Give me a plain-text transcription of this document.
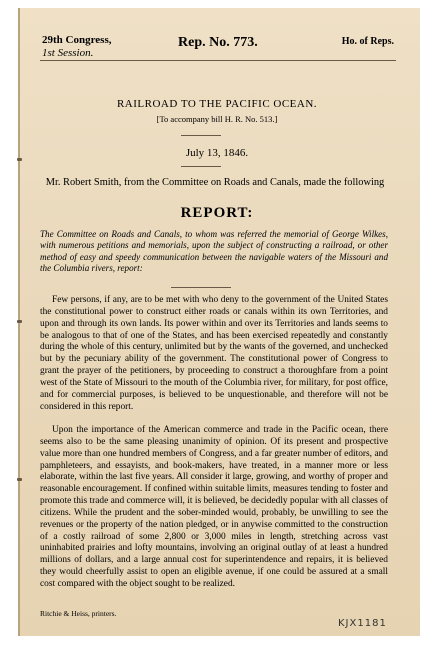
29th Congress,
1st Session.
Rep. No. 773.	Ho. of Reps.
RAILROAD TO THE PACIFIC OCEAN.
[To accompany bill H. R. No. 513.]
July 13, 1846.
Mr. Robert Smith, from the Committee on Roads and Canals, made the following
REPORT:
The Committee on Roads and Canals, to whom was referred the memorial of George Wilkes, with numerous petitions and memorials, upon the subject of constructing a railroad, or other method of easy and speedy communication between the navigable waters of the Missouri and the Columbia rivers, report:
Few persons, if any, are to be met with who deny to the government of the United States the constitutional power to construct either roads or canals within its own Territories, and upon and through its own lands. Its power within and over its Territories and lands seems to be analogous to that of one of the States, and has been exercised repeatedly and constantly during the whole of this century, unlimited but by the wants of the governed, and unchecked but by the pecuniary ability of the government. The constitutional power of Congress to grant the prayer of the petitioners, by proceeding to construct a thoroughfare from a point west of the State of Missouri to the mouth of the Columbia river, for military, for post office, and for commercial purposes, is believed to be unquestionable, and therefore will not be considered in this report.
Upon the importance of the American commerce and trade in the Pacific ocean, there seems also to be the same pleasing unanimity of opinion. Of its present and prospective value more than one hundred members of Congress, and a far greater number of editors, and pamphleteers, and essayists, and book-makers, have treated, in a manner more or less elaborate, within the last five years. All consider it large, growing, and worthy of proper and reasonable encouragement. If confined within suitable limits, measures tending to foster and promote this trade and commerce will, it is believed, be decidedly popular with all classes of citizens. While the prudent and the sober-minded would, probably, be unwilling to see the revenues or the property of the nation pledged, or in anywise committed to the construction of a costly railroad of some 2,800 or 3,000 miles in length, stretching across vast uninhabited prairies and lofty mountains, involving an original outlay of at least a hundred millions of dollars, and a large annual cost for superintendence and repairs, it is believed they would cheerfully assist to open an eligible avenue, if one could be assured at a small cost compared with the object sought to be realized.
Ritchie & Heiss, printers.
KJX1181
